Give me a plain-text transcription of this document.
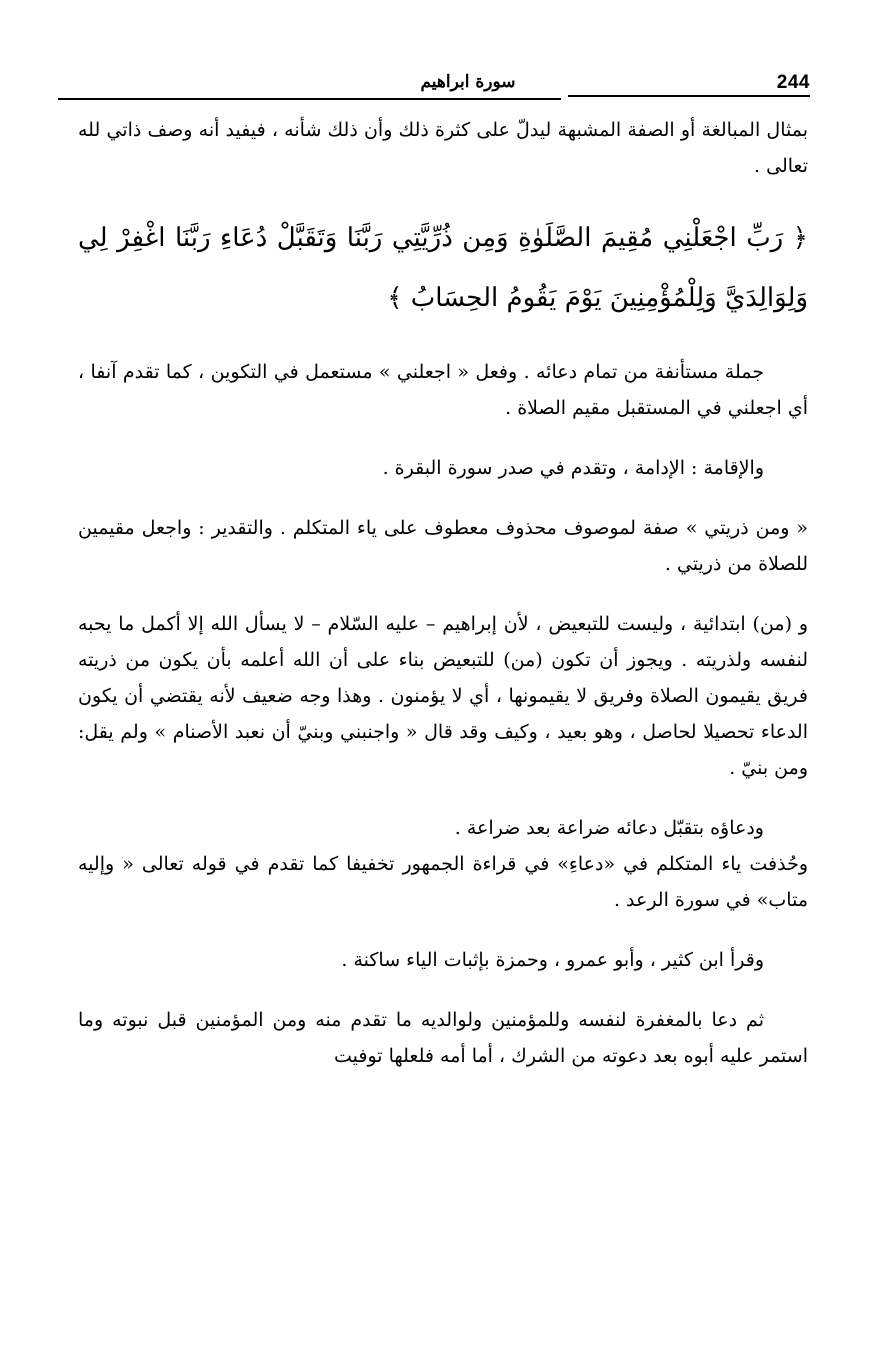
244
سورة ابراهيم

بمثال المبالغة أو الصفة المشبهة ليدلّ على كثرة ذلك وأن ذلك شأنه ، فيفيد أنه وصف ذاتي لله تعالى .

﴿ رَبِّ اجْعَلْنِي مُقِيمَ الصَّلَوٰةِ وَمِن ذُرِّيَّتِي رَبَّنَا وَتَقَبَّلْ دُعَاءِ رَبَّنَا اغْفِرْ لِي وَلِوَالِدَيَّ وَلِلْمُؤْمِنِينَ يَوْمَ يَقُومُ الحِسَابُ ﴾

جملة مستأنفة من تمام دعائه . وفعل « اجعلني » مستعمل في التكوين ، كما تقدم آنفا ، أي اجعلني في المستقبل مقيم الصلاة .

والإقامة : الإدامة ، وتقدم في صدر سورة البقرة .

« ومن ذريتي » صفة لموصوف محذوف معطوف على ياء المتكلم . والتقدير : واجعل مقيمين للصلاة من ذريتي .

و (من) ابتدائية ، وليست للتبعيض ، لأن إبراهيم – عليه السّلام – لا يسأل الله إلا أكمل ما يحبه لنفسه ولذريته . ويجوز أن تكون (من) للتبعيض بناء على أن الله أعلمه بأن يكون من ذريته فريق يقيمون الصلاة وفريق لا يقيمونها ، أي لا يؤمنون . وهذا وجه ضعيف لأنه يقتضي أن يكون الدعاء تحصيلا لحاصل ، وهو بعيد ، وكيف وقد قال « واجنبني وبنيّ أن نعبد الأصنام » ولم يقل: ومن بنيّ .

ودعاؤه بتقبّل دعائه ضراعة بعد ضراعة .

وحُذفت ياء المتكلم في «دعاءِ» في قراءة الجمهور تخفيفا كما تقدم في قوله تعالى « وإليه متاب» في سورة الرعد .

وقرأ ابن كثير ، وأبو عمرو ، وحمزة بإثبات الياء ساكنة .

ثم دعا بالمغفرة لنفسه وللمؤمنين ولوالديه ما تقدم منه ومن المؤمنين قبل نبوته وما استمر عليه أبوه بعد دعوته من الشرك ، أما أمه فلعلها توفيت
